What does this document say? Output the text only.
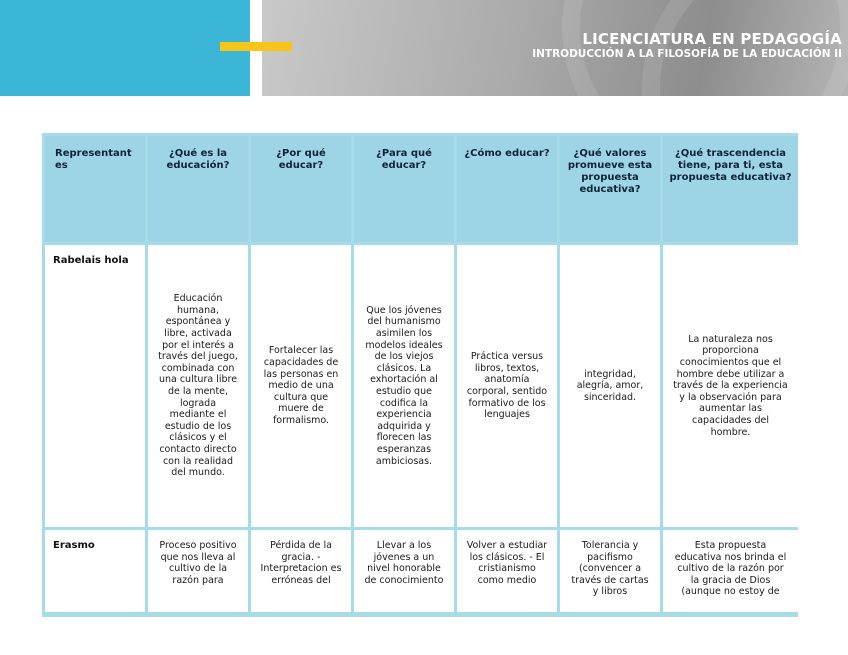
LICENCIATURA EN PEDAGOGÍA
INTRODUCCIÓN A LA FILOSOFÍA DE LA EDUCACIÓN II
Representant es	¿Qué es la educación?	¿Por qué educar?	¿Para qué educar?	¿Cómo educar?	¿Qué valores promueve esta propuesta educativa?	¿Qué trascendencia tiene, para ti, esta propuesta educativa?
Rabelais hola	Educación humana, espontánea y libre, activada por el interés a través del juego, combinada con una cultura libre de la mente, lograda mediante el estudio de los clásicos y el contacto directo con la realidad del mundo.	Fortalecer las capacidades de las personas en medio de una cultura que muere de formalismo.	Que los jóvenes del humanismo asimilen los modelos ideales de los viejos clásicos. La exhortación al estudio que codifica la experiencia adquirida y florecen las esperanzas ambiciosas.	Práctica versus libros, textos, anatomía corporal, sentido formativo de los lenguajes	integridad, alegría, amor, sinceridad.	La naturaleza nos proporciona conocimientos que el hombre debe utilizar a través de la experiencia y la observación para aumentar las capacidades del hombre.
Erasmo	Proceso positivo que nos lleva al cultivo de la razón para	Pérdida de la gracia. - Interpretacion es erróneas del	Llevar a los jóvenes a un nivel honorable de conocimiento	Volver a estudiar los clásicos. - El cristianismo como medio	Tolerancia y pacifismo (convencer a través de cartas y libros	Esta propuesta educativa nos brinda el cultivo de la razón por la gracia de Dios (aunque no estoy de
